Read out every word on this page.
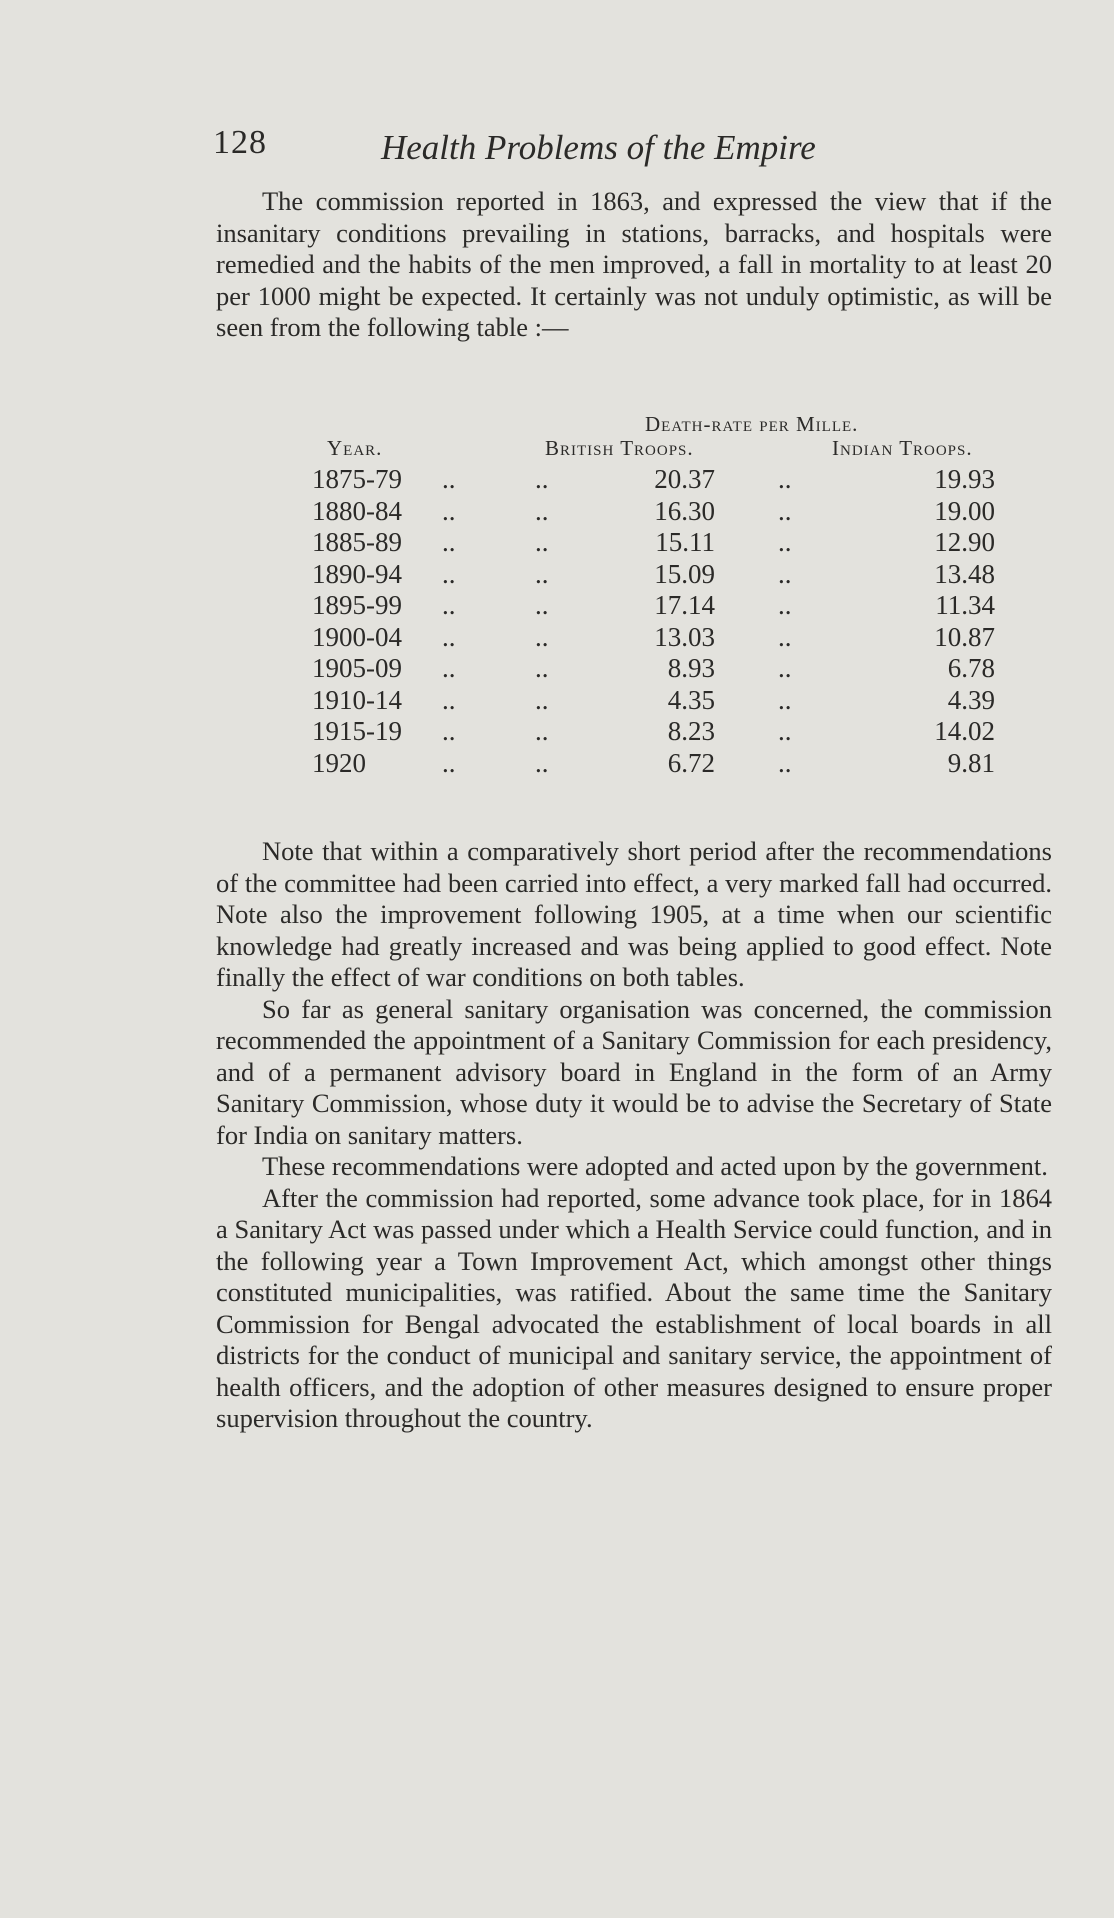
128	Health Problems of the Empire

The commission reported in 1863, and expressed the view that if the insanitary conditions prevailing in stations, barracks, and hospitals were remedied and the habits of the men improved, a fall in mortality to at least 20 per 1000 might be expected. It certainly was not unduly optimistic, as will be seen from the following table :—

Death-rate per Mille.
Year.	British Troops.	Indian Troops.
1875-79 ..	..	20.37 ..	19.93
1880-84 ..	..	16.30 ..	19.00
1885-89 ..	..	15.11 ..	12.90
1890-94 ..	..	15.09 ..	13.48
1895-99 ..	..	17.14 ..	11.34
1900-04 ..	..	13.03 ..	10.87
1905-09 ..	..	8.93 ..	6.78
1910-14 ..	..	4.35 ..	4.39
1915-19 ..	..	8.23 ..	14.02
1920	..	..	6.72 ..	9.81

Note that within a comparatively short period after the recommendations of the committee had been carried into effect, a very marked fall had occurred. Note also the improvement following 1905, at a time when our scientific knowledge had greatly increased and was being applied to good effect. Note finally the effect of war conditions on both tables.

So far as general sanitary organisation was concerned, the commission recommended the appointment of a Sanitary Commission for each presidency, and of a permanent advisory board in England in the form of an Army Sanitary Commission, whose duty it would be to advise the Secretary of State for India on sanitary matters.

These recommendations were adopted and acted upon by the government.

After the commission had reported, some advance took place, for in 1864 a Sanitary Act was passed under which a Health Service could function, and in the following year a Town Improvement Act, which amongst other things constituted municipalities, was ratified. About the same time the Sanitary Commission for Bengal advocated the establishment of local boards in all districts for the conduct of municipal and sanitary service, the appointment of health officers, and the adoption of other measures designed to ensure proper supervision throughout the country.
